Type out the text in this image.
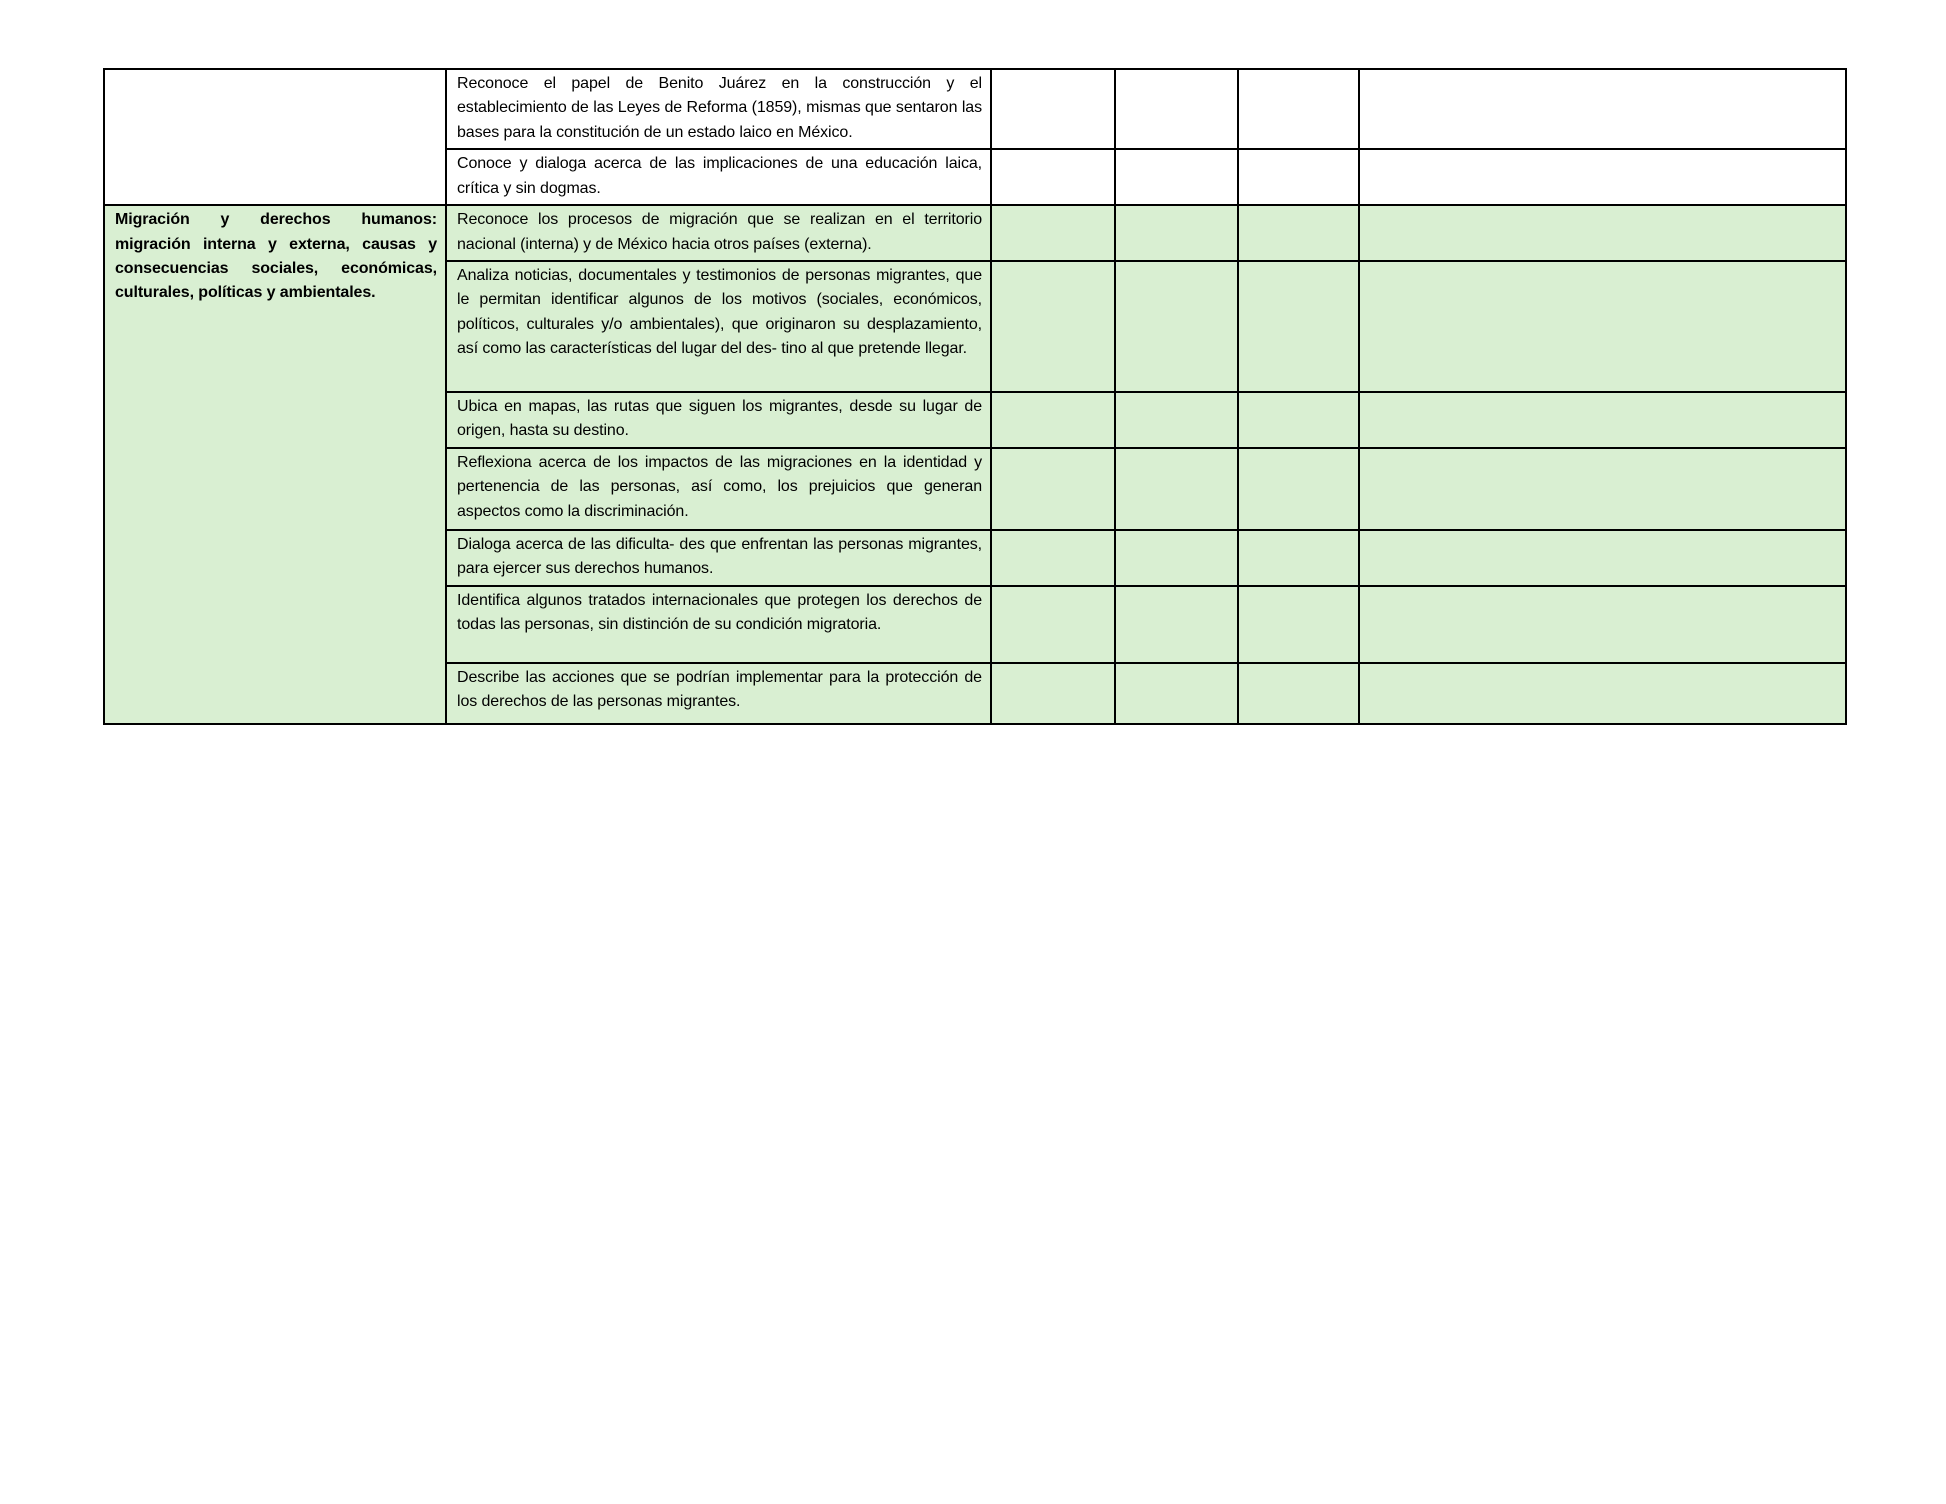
	Reconoce el papel de Benito Juárez en la construcción y el establecimiento de las Leyes de Reforma (1859), mismas que sentaron las bases para la constitución de un estado laico en México.				
	Conoce y dialoga acerca de las implicaciones de una educación laica, crítica y sin dogmas.				
Migración y derechos humanos: migración interna y externa, causas y consecuencias sociales, económicas, culturales, políticas y ambientales.	Reconoce los procesos de migración que se realizan en el territorio nacional (interna) y de México hacia otros países (externa).				
	Analiza noticias, documentales y testimonios de personas migrantes, que le permitan identificar algunos de los motivos (sociales, económicos, políticos, culturales y/o ambientales), que originaron su desplazamiento, así como las características del lugar del des- tino al que pretende llegar.				
	Ubica en mapas, las rutas que siguen los migrantes, desde su lugar de origen, hasta su destino.				
	Reflexiona acerca de los impactos de las migraciones en la identidad y pertenencia de las personas, así como, los prejuicios que generan aspectos como la discriminación.				
	Dialoga acerca de las dificulta- des que enfrentan las personas migrantes, para ejercer sus derechos humanos.				
	Identifica algunos tratados internacionales que protegen los derechos de todas las personas, sin distinción de su condición migratoria.				
	Describe las acciones que se podrían implementar para la protección de los derechos de las personas migrantes.				
